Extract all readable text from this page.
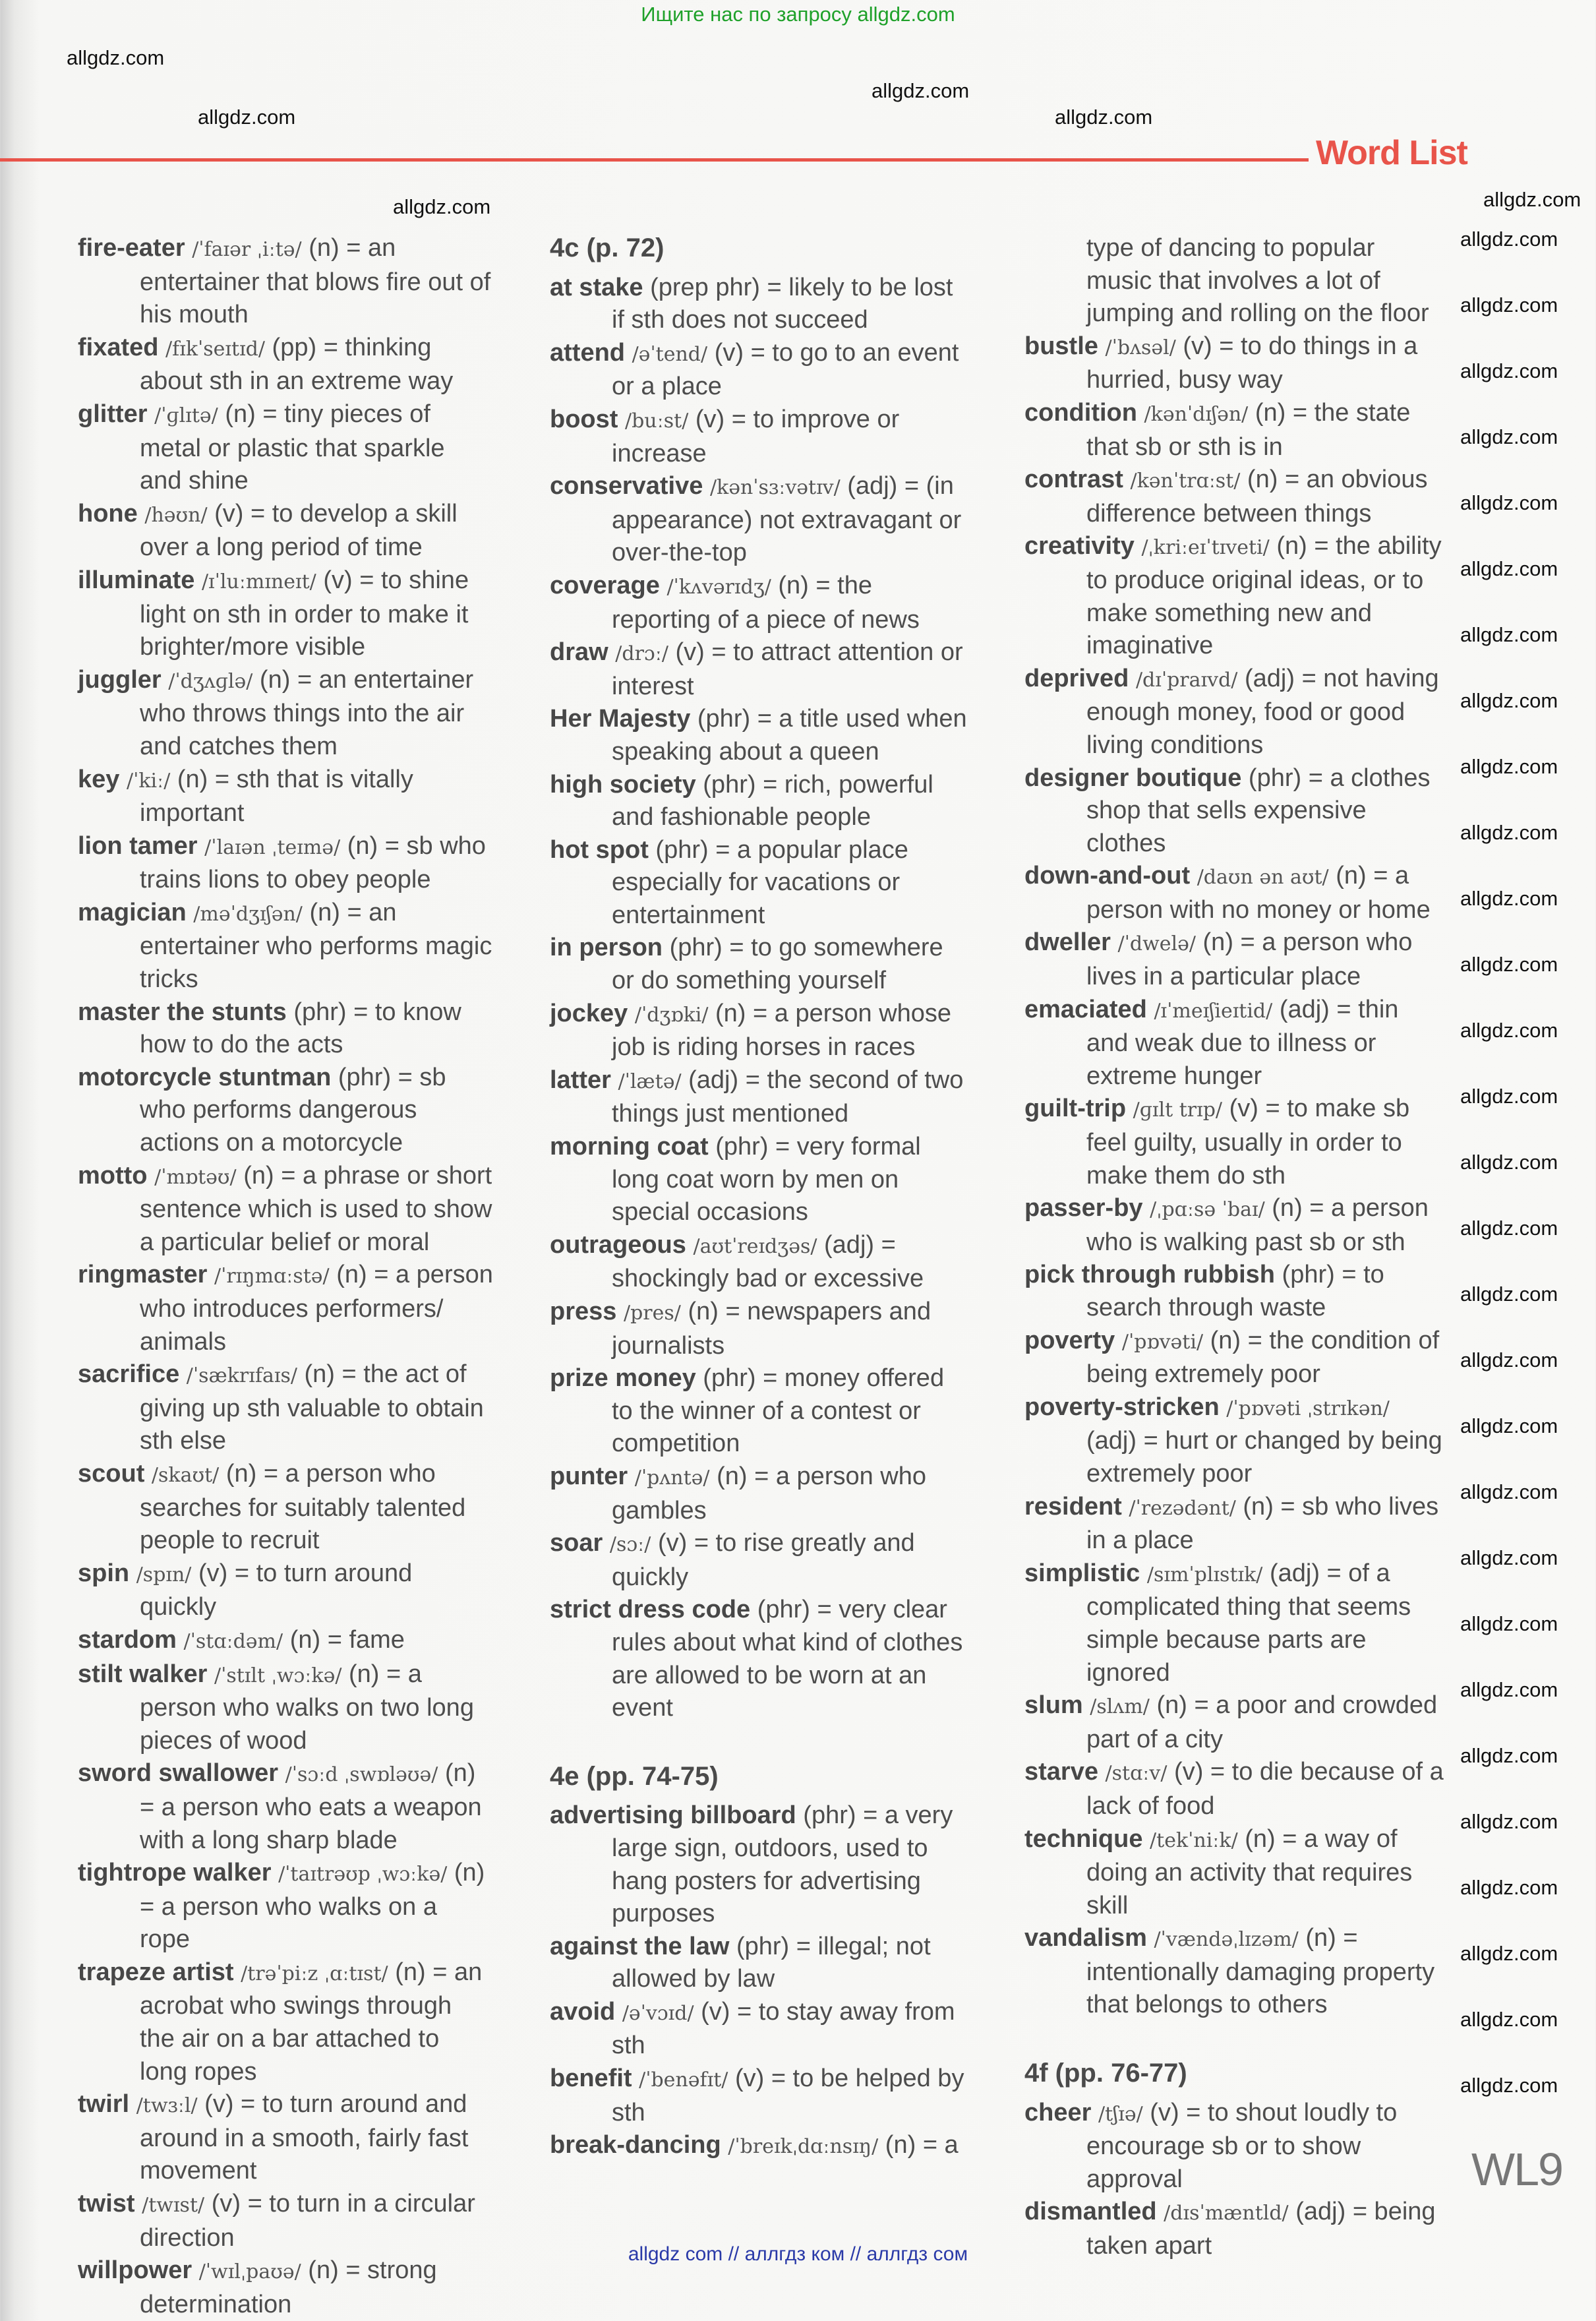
Ищите нас по запросу allgdz.com
Word List
fire-eater /ˈfaɪər ˌiːtə/ (n) = an entertainer that blows fire out of his mouth
fixated /fɪkˈseɪtɪd/ (pp) = thinking about sth in an extreme way
glitter /ˈɡlɪtə/ (n) = tiny pieces of metal or plastic that sparkle and shine
hone /həʊn/ (v) = to develop a skill over a long period of time
illuminate /ɪˈluːmɪneɪt/ (v) = to shine light on sth in order to make it brighter/more visible
juggler /ˈdʒʌɡlə/ (n) = an entertainer who throws things into the air and catches them
key /ˈkiː/ (n) = sth that is vitally important
lion tamer /ˈlaɪən ˌteɪmə/ (n) = sb who trains lions to obey people
magician /məˈdʒɪʃən/ (n) = an entertainer who performs magic tricks
master the stunts (phr) = to know how to do the acts
motorcycle stuntman (phr) = sb who performs dangerous actions on a motorcycle
motto /ˈmɒtəʊ/ (n) = a phrase or short sentence which is used to show a particular belief or moral
ringmaster /ˈrɪŋmɑːstə/ (n) = a person who introduces performers/ animals
sacrifice /ˈsækrɪfaɪs/ (n) = the act of giving up sth valuable to obtain sth else
scout /skaʊt/ (n) = a person who searches for suitably talented people to recruit
spin /spɪn/ (v) = to turn around quickly
stardom /ˈstɑːdəm/ (n) = fame
stilt walker /ˈstɪlt ˌwɔːkə/ (n) = a person who walks on two long pieces of wood
sword swallower /ˈsɔːd ˌswɒləʊə/ (n) = a person who eats a weapon with a long sharp blade
tightrope walker /ˈtaɪtrəʊp ˌwɔːkə/ (n) = a person who walks on a rope
trapeze artist /trəˈpiːz ˌɑːtɪst/ (n) = an acrobat who swings through the air on a bar attached to long ropes
twirl /twɜːl/ (v) = to turn around and around in a smooth, fairly fast movement
twist /twɪst/ (v) = to turn in a circular direction
willpower /ˈwɪlˌpaʊə/ (n) = strong determination
4c (p. 72)
at stake (prep phr) = likely to be lost if sth does not succeed
attend /əˈtend/ (v) = to go to an event or a place
boost /buːst/ (v) = to improve or increase
conservative /kənˈsɜːvətɪv/ (adj) = (in appearance) not extravagant or over-the-top
coverage /ˈkʌvərɪdʒ/ (n) = the reporting of a piece of news
draw /drɔː/ (v) = to attract attention or interest
Her Majesty (phr) = a title used when speaking about a queen
high society (phr) = rich, powerful and fashionable people
hot spot (phr) = a popular place especially for vacations or entertainment
in person (phr) = to go somewhere or do something yourself
jockey /ˈdʒɒki/ (n) = a person whose job is riding horses in races
latter /ˈlætə/ (adj) = the second of two things just mentioned
morning coat (phr) = very formal long coat worn by men on special occasions
outrageous /aʊtˈreɪdʒəs/ (adj) = shockingly bad or excessive
press /pres/ (n) = newspapers and journalists
prize money (phr) = money offered to the winner of a contest or competition
punter /ˈpʌntə/ (n) = a person who gambles
soar /sɔː/ (v) = to rise greatly and quickly
strict dress code (phr) = very clear rules about what kind of clothes are allowed to be worn at an event
4e (pp. 74-75)
advertising billboard (phr) = a very large sign, outdoors, used to hang posters for advertising purposes
against the law (phr) = illegal; not allowed by law
avoid /əˈvɔɪd/ (v) = to stay away from sth
benefit /ˈbenəfɪt/ (v) = to be helped by sth
break-dancing /ˈbreɪkˌdɑːnsɪŋ/ (n) = a
type of dancing to popular music that involves a lot of jumping and rolling on the floor
bustle /ˈbʌsəl/ (v) = to do things in a hurried, busy way
condition /kənˈdɪʃən/ (n) = the state that sb or sth is in
contrast /kənˈtrɑːst/ (n) = an obvious difference between things
creativity /ˌkriːeɪˈtɪveti/ (n) = the ability to produce original ideas, or to make something new and imaginative
deprived /dɪˈpraɪvd/ (adj) = not having enough money, food or good living conditions
designer boutique (phr) = a clothes shop that sells expensive clothes
down-and-out /daʊn ən aʊt/ (n) = a person with no money or home
dweller /ˈdwelə/ (n) = a person who lives in a particular place
emaciated /ɪˈmeɪʃieɪtid/ (adj) = thin and weak due to illness or extreme hunger
guilt-trip /ɡɪlt trɪp/ (v) = to make sb feel guilty, usually in order to make them do sth
passer-by /ˌpɑːsə ˈbaɪ/ (n) = a person who is walking past sb or sth
pick through rubbish (phr) = to search through waste
poverty /ˈpɒvəti/ (n) = the condition of being extremely poor
poverty-stricken /ˈpɒvəti ˌstrɪkən/ (adj) = hurt or changed by being extremely poor
resident /ˈrezədənt/ (n) = sb who lives in a place
simplistic /sɪmˈplɪstɪk/ (adj) = of a complicated thing that seems simple because parts are ignored
slum /slʌm/ (n) = a poor and crowded part of a city
starve /stɑːv/ (v) = to die because of a lack of food
technique /tekˈniːk/ (n) = a way of doing an activity that requires skill
vandalism /ˈvændəˌlɪzəm/ (n) = intentionally damaging property that belongs to others
4f (pp. 76-77)
cheer /tʃɪə/ (v) = to shout loudly to encourage sb or to show approval
dismantled /dɪsˈmæntld/ (adj) = being taken apart
WL9
allgdz com // аллгдз ком // аллгдз сом
allgdz.com
allgdz.com
allgdz.com
allgdz.com
allgdz.com	allgdz.com
allgdz.com
allgdz.com
allgdz.com
allgdz.com
allgdz.com
allgdz.com
allgdz.com
allgdz.com
allgdz.com
allgdz.com
allgdz.com
allgdz.com
allgdz.com
allgdz.com
allgdz.com
allgdz.com
allgdz.com
allgdz.com
allgdz.com
allgdz.com
allgdz.com
allgdz.com
allgdz.com
allgdz.com
allgdz.com
allgdz.com
allgdz.com
allgdz.com
allgdz.com
